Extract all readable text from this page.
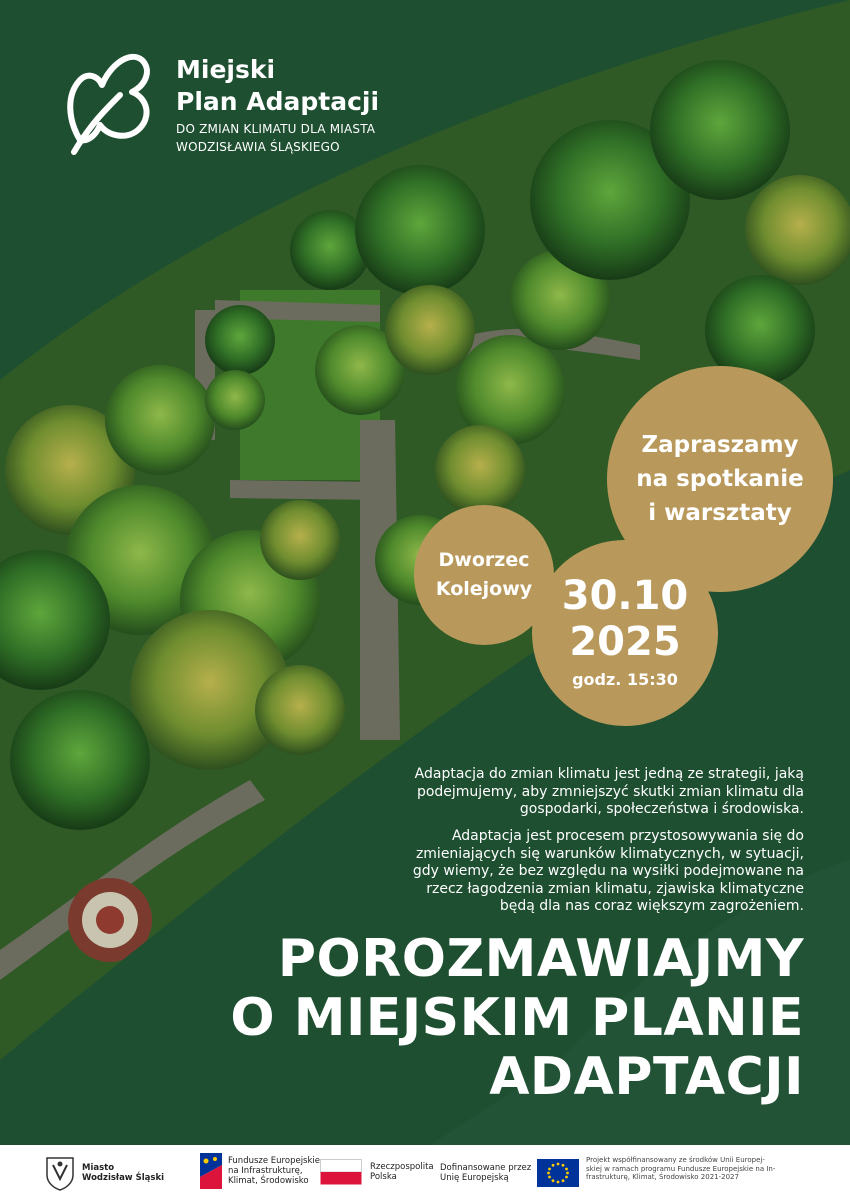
Miejski
Plan Adaptacji
DO ZMIAN KLIMATU DLA MIASTA
WODZISŁAWIA ŚLĄSKIEGO
Zapraszamy
na spotkanie
i warsztaty
Dworzec
Kolejowy 30.10
2025
godz. 15:30
Adaptacja do zmian klimatu jest jedną ze strategii, jaką
podejmujemy, aby zmniejszyć skutki zmian klimatu dla
gospodarki, społeczeństwa i środowiska.
Adaptacja jest procesem przystosowywania się do
zmieniających się warunków klimatycznych, w sytuacji,
gdy wiemy, że bez względu na wysiłki podejmowane na
rzecz łagodzenia zmian klimatu, zjawiska klimatyczne
będą dla nas coraz większym zagrożeniem.
POROZMAWIAJMY
O MIEJSKIM PLANIE
ADAPTACJI
Miasto
Wodzisław Śląski
Fundusze Europejskie
na Infrastrukturę,
Klimat, Środowisko
Rzeczpospolita
Polska
Dofinansowane przez
Unię Europejską
Projekt współfinansowany ze środków Unii Europej-
skiej w ramach programu Fundusze Europejskie na In-
frastrukturę, Klimat, Środowisko 2021-2027
